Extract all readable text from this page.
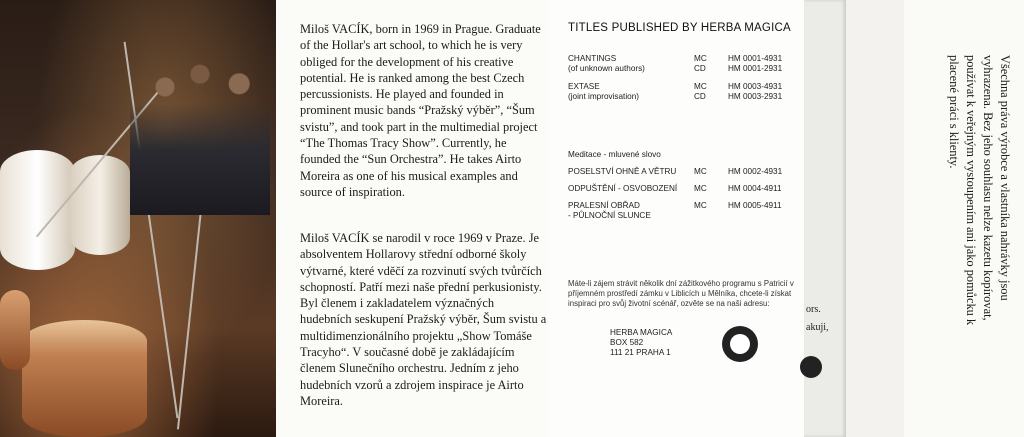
Miloš VACÍK, born in 1969 in Prague. Graduate of the Hollar's art school, to which he is very obliged for the development of his creative potential. He is ranked among the best Czech percussionists. He played and founded in prominent music bands “Pražský výběr”, “Šum svistu”, and took part in the multimedial project “The Thomas Tracy Show”. Currently, he founded the “Sun Orchestra”. He takes Airto Moreira as one of his musical examples and source of inspiration.

Miloš VACÍK se narodil v roce 1969 v Praze. Je absolventem Hollarovy střední odborné školy výtvarné, které vděčí za rozvinutí svých tvůrčích schopností. Patří mezi naše přední perkusionisty. Byl členem i zakladatelem význačných hudebních seskupení Pražský výběr, Šum svistu a multidimenzionálního projektu „Show Tomáše Tracyho“. V současné době je zakládajícím členem Slunečního orchestru. Jedním z jeho hudebních vzorů a zdrojem inspirace je Airto Moreira.

TITLES PUBLISHED BY HERBA MAGICA
CHANTINGS	MC	HM 0001-4931
(of unknown authors)	CD	HM 0001-2931
EXTASE	MC	HM 0003-4931
(joint improvisation)	CD	HM 0003-2931
Meditace - mluvené slovo
POSELSTVÍ OHNĚ A VĚTRU MC	HM 0002-4931
ODPUŠTĚNÍ - OSVOBOZENÍ MC	HM 0004-4911
PRALESNÍ OBŘAD	MC	HM 0005-4911
- PŮLNOČNÍ SLUNCE
Máte-li zájem strávit několik dní zážitkového programu s Patricií v příjemném prostředí zámku v Liblicích u Mělníka, chcete-li získat inspiraci pro svůj životní scénář, ozvěte se na naši adresu:
HERBA MAGICA
BOX 582
111 21 PRAHA 1
ors.
akuji,
Všechna práva výrobce a vlastníka nahrávky jsou vyhrazena. Bez jeho souhlasu nelze kazetu kopírovat, používat k veřejným vystoupením ani jako pomůcku k placené práci s klienty.
